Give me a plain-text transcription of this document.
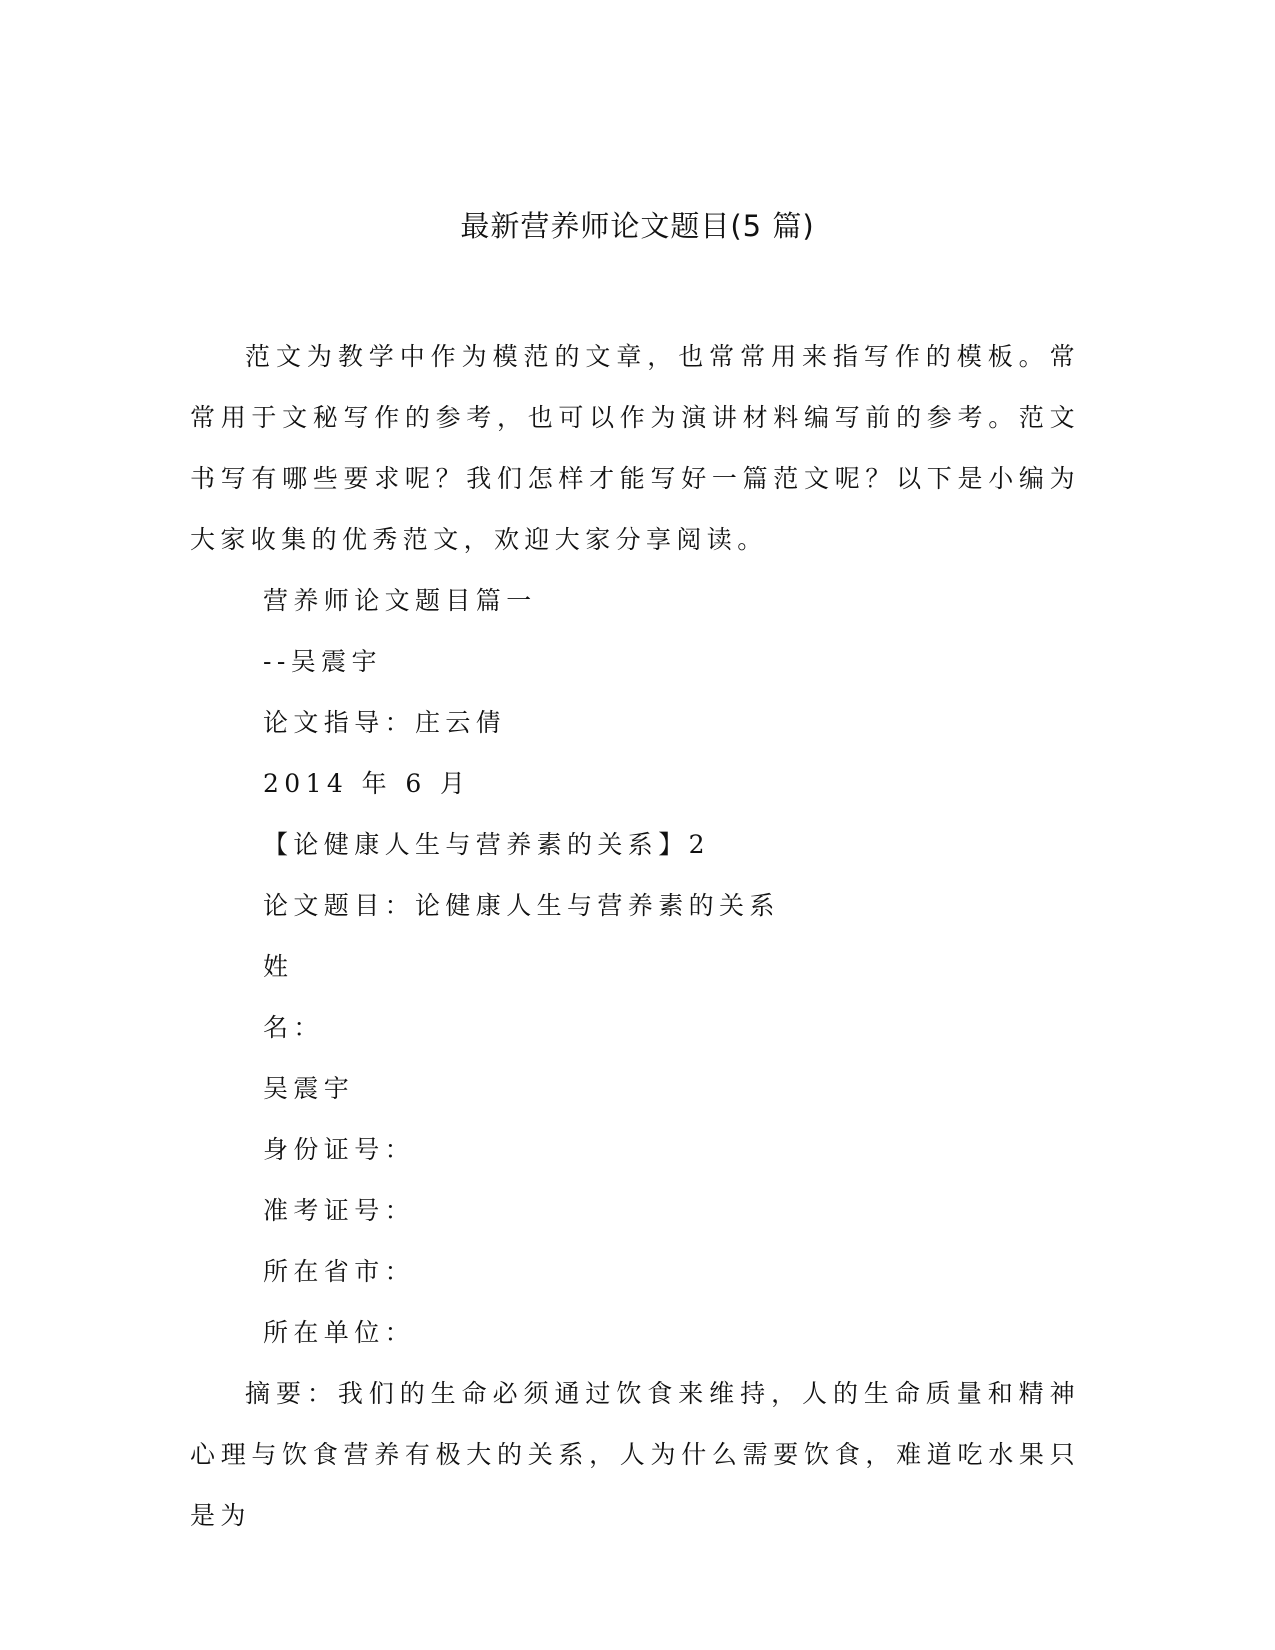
最新营养师论文题目(5 篇)

范文为教学中作为模范的文章，也常常用来指写作的模板。常常用于文秘写作的参考，也可以作为演讲材料编写前的参考。范文书写有哪些要求呢？我们怎样才能写好一篇范文呢？以下是小编为大家收集的优秀范文，欢迎大家分享阅读。

营养师论文题目篇一

--吴震宇

论文指导：庄云倩

2014 年 6 月

【论健康人生与营养素的关系】2

论文题目：论健康人生与营养素的关系

姓

名：

吴震宇

身份证号：

准考证号：

所在省市：

所在单位：

摘要：我们的生命必须通过饮食来维持，人的生命质量和精神心理与饮食营养有极大的关系，人为什么需要饮食，难道吃水果只是为
